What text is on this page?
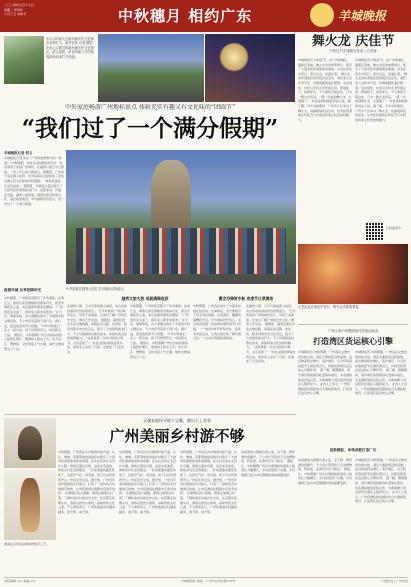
二〇二四年九月十七日
星期二 甲辰年
八月十五 中秋节	中秋穗月 相约广东	羊城晚报
东山口的游人在新河浦历史文化街区参观打卡。新华社发 记者 摄影 在东山口附近的新河浦历史文化街区，游人如织，来自四面八方的游客纷纷前来打卡拍照。
舞火龙 庆佳节
中秋佳节花城舞龙喜迎八方游客
羊城晚报讯 中秋佳节，在广州黄埔区、番禺区等地，舞火龙活动如期举行，吸引了大量市民和游客前来观看。火龙在夜色中穿行，香火点点，场面壮观。 舞火龙是岭南地区的传统民俗活动，寄托着人们祈求平安、风调雨顺的美好愿望。活动现场，村民们手持火龙穿街走巷，锣鼓喧天，热闹非凡。不少游客专程赶来，只为一睹火龙风采。 “第一次看到舞火龙，太震撼了！”来自深圳的游客刘女士说。据了解，今年中秋期间，广州多个区举办了舞火龙、烧番塔等民俗活动，让市民和游客在传统节日中感受岭南文化的独特魅力。
羊城晚报讯 中秋佳节，在广州黄埔区、番禺区等地，舞火龙活动如期举行，吸引了大量市民和游客前来观看。火龙在夜色中穿行，香火点点，场面壮观。 舞火龙是岭南地区的传统民俗活动，寄托着人们祈求平安、风调雨顺的美好愿望。活动现场，村民们手持火龙穿街走巷，锣鼓喧天，热闹非凡。不少游客专程赶来，只为一睹火龙风采。 “第一次看到舞火龙，太震撼了！”来自深圳的游客刘女士说。据了解，今年中秋期间，广州多个区举办了舞火龙、烧番塔等民俗活动，让市民和游客在传统节日中感受岭南文化的独特魅力。
扫码看更多
火龙队伍在夜色中穿行，吸引众多游客观看。
中外家庭畅游广州地标景点 体验充实有趣又有文化味的“团圆节”
“我们过了一个满分假期”
羊城晚报记者 何文
羊城晚报记者 何文 “广州和我想象中的一样美！”中秋假期，来自北京的游客李先生一家带着孩子来到广州游玩。在越秀公园五羊石像前，一家人开心地合影留念。假期里，广州各大景点游人如织，中外家庭在这里体验了充实有趣又有文化味的中秋假期。 “城市有温度，生活有品质”，假期里，羊城各大景区吸引了大批市民和游客前来打卡。在陈家祠、沙面、北京路、越秀公园等地，游客们感受岭南文化、品尝地道美食。中外游客纷纷表示，在广州过了一个满分假期。
中外游客在越秀公园五羊石像前合影留念。
夜游羊城 乐享团圆时光
越秀文旅火热 成就满满收获	赛龙夺锦贺中秋 欢度节日氛围浓
中秋假期，广州的夜景吸引了许多游客。在珠江边，游客们乘坐游船欣赏两岸灯光，感受羊城夜色之美。来自美国的游客安娜说：“广州的夜景太美了，我和家人都非常喜欢。” 在天河、海珠等地，各大商圈也推出了丰富的中秋主题活动。不少市民带着孩子逛灯会、猜灯谜，感受浓浓的节日氛围。“今年中秋我们一家人一起出来，孩子玩得很开心。”市民陈女士说。 据统计，中秋假期广州全市接待游客人数同比增长，旅游收入稳步上升。各大景区、博物馆、文化场馆人气火爆，城市文旅消费活力十足。
在越秀公园，五羊石像前游人如织，来自各地的游客纷纷拍照留念。“五羊传说是广州的城市名片，带孩子来看看，让他们了解广州的历史文化。”游客王先生说。 假期里，越秀区推出多条文旅线路，串联起北京路、农讲所、陈家祠等历史文化景点，吸引了大批游客前来打卡。不少外国游客也慕名而来，体验岭南文化的独特魅力。 “这是我第一次在中国过中秋节，太有意思了！”来自法国的游客皮埃尔说，他和家人品尝了月饼，还参加了灯会活动。
中秋假期，广州的夜景吸引了许多游客。在珠江边，游客们乘坐游船欣赏两岸灯光，感受羊城夜色之美。来自美国的游客安娜说：“广州的夜景太美了，我和家人都非常喜欢。” 在天河、海珠等地，各大商圈也推出了丰富的中秋主题活动。不少市民带着孩子逛灯会、猜灯谜，感受浓浓的节日氛围。“今年中秋我们一家人一起出来，孩子玩得很开心。”市民陈女士说。 据统计，中秋假期广州全市接待游客人数同比增长，旅游收入稳步上升。各大景区、博物馆、文化场馆人气火爆，城市文旅消费活力十足。
中秋假期，广州各区举办了丰富多彩的民俗活动。在海珠区，龙舟赛吸引了众多市民观看；在荔湾区，醒狮表演精彩纷呈。中外游客纷纷表示，在这里感受到了浓浓的中国传统节日氛围。 “广州的中秋节很有特色，有很多传统活动，让我们更好地了解中国文化。”一位来自英国的游客说。
在越秀公园，五羊石像前游人如织，来自各地的游客纷纷拍照留念。“五羊传说是广州的城市名片，带孩子来看看，让他们了解广州的历史文化。”游客王先生说。 假期里，越秀区推出多条文旅线路，串联起北京路、农讲所、陈家祠等历史文化景点，吸引了大批游客前来打卡。不少外国游客也慕名而来，体验岭南文化的独特魅力。 “这是我第一次在中国过中秋节，太有意思了！”来自法国的游客皮埃尔说，他和家人品尝了月饼，还参加了灯会活动。
广州区域中秋假期接待游客创新高
打造湾区货运核心引擎
羊城晚报讯 中秋假期，广州各区文旅市场持续火热，湾区交通枢纽运转高效，货运物流稳步增长。南沙港区、白云机场等枢纽节点满负荷运行，持续发挥湾区货运核心引擎作用。 据了解，假期期间，南沙港区集装箱吞吐量保持高位，多条国际航线密集运营，为粤港澳大湾区经济发展注入强劲动力。 业内人士表示，广州将继续推进国际综合交通枢纽建设，打造湾区货运核心引擎。
羊城晚报讯 中秋假期，广州各区文旅市场持续火热，湾区交通枢纽运转高效，货运物流稳步增长。南沙港区、白云机场等枢纽节点满负荷运行，持续发挥湾区货运核心引擎作用。 据了解，假期期间，南沙港区集装箱吞吐量保持高位，多条国际航线密集运营，为粤港澳大湾区经济发展注入强劲动力。 业内人士表示，广州将继续推进国际综合交通枢纽建设，打造湾区货运核心引擎。
创新赋能，串珠成链打造广东
灵魂家庭探寻地下宝藏，跳出天上故事
广州美丽乡村游不够
游客在乡村景点体验传统手工艺。
中秋假期，广州各区乡村旅游持续升温。从化、增城、花都等地的美丽乡村吸引了大批市民游客前来休闲度假。在从化区的生态设计小镇，游客们漫步田园，品尝农家美食，体验乡村生活的惬意。 “乡村游越来越受欢迎了，这里空气好、风景美，孩子们也玩得很开心。”市民张先生说。据介绍，广州近年来持续推进乡村振兴，打造了一批特色乡村旅游目的地，让市民游客在假期中有更多选择。 在增城区的小楼镇，游客们参观古村落，了解岭南乡村的历史文化；在花都区的塱头村，游客们欣赏古建筑，品味传统文化之美。不少游客表示，广州的美丽乡村越来越多，游不够、看不够。
中秋假期，广州各区乡村旅游持续升温。从化、增城、花都等地的美丽乡村吸引了大批市民游客前来休闲度假。在从化区的生态设计小镇，游客们漫步田园，品尝农家美食，体验乡村生活的惬意。 “乡村游越来越受欢迎了，这里空气好、风景美，孩子们也玩得很开心。”市民张先生说。据介绍，广州近年来持续推进乡村振兴，打造了一批特色乡村旅游目的地，让市民游客在假期中有更多选择。 在增城区的小楼镇，游客们参观古村落，了解岭南乡村的历史文化；在花都区的塱头村，游客们欣赏古建筑，品味传统文化之美。不少游客表示，广州的美丽乡村越来越多，游不够、看不够。
中秋假期，广州各区乡村旅游持续升温。从化、增城、花都等地的美丽乡村吸引了大批市民游客前来休闲度假。在从化区的生态设计小镇，游客们漫步田园，品尝农家美食，体验乡村生活的惬意。 “乡村游越来越受欢迎了，这里空气好、风景美，孩子们也玩得很开心。”市民张先生说。据介绍，广州近年来持续推进乡村振兴，打造了一批特色乡村旅游目的地，让市民游客在假期中有更多选择。 在增城区的小楼镇，游客们参观古村落，了解岭南乡村的历史文化；在花都区的塱头村，游客们欣赏古建筑，品味传统文化之美。不少游客表示，广州的美丽乡村越来越多，游不够、看不够。
家庭游成为假期出游主流，亲子游、研学游热度攀升。不少家长带着孩子走进博物馆、科技馆，在游玩中学习知识。 据统计，中秋假期广州乡村旅游接待游客人数同比大幅增长，乡村民宿预订火爆，乡村旅游已成为市民假期休闲的重要选择。
家庭游成为假期出游主流，亲子游、研学游热度攀升。不少家长带着孩子走进博物馆、科技馆，在游玩中学习知识。 据统计，中秋假期广州乡村旅游接待游客人数同比大幅增长，乡村民宿预订火爆，乡村旅游已成为市民假期休闲的重要选择。
羊城晚报讯 中秋假期，广州各区文旅市场持续火热，湾区交通枢纽运转高效，货运物流稳步增长。南沙港区、白云机场等枢纽节点满负荷运行，持续发挥湾区货运核心引擎作用。 据了解，假期期间，南沙港区集装箱吞吐量保持高位，多条国际航线密集运营，为粤港澳大湾区经济发展注入强劲动力。 业内人士表示，广州将继续推进国际综合交通枢纽建设，打造湾区货运核心引擎。
本版编辑 xxx 美编 xxx	羊城晚报社 地址：广州市东风东路733号	订阅热线 | 广告热线
